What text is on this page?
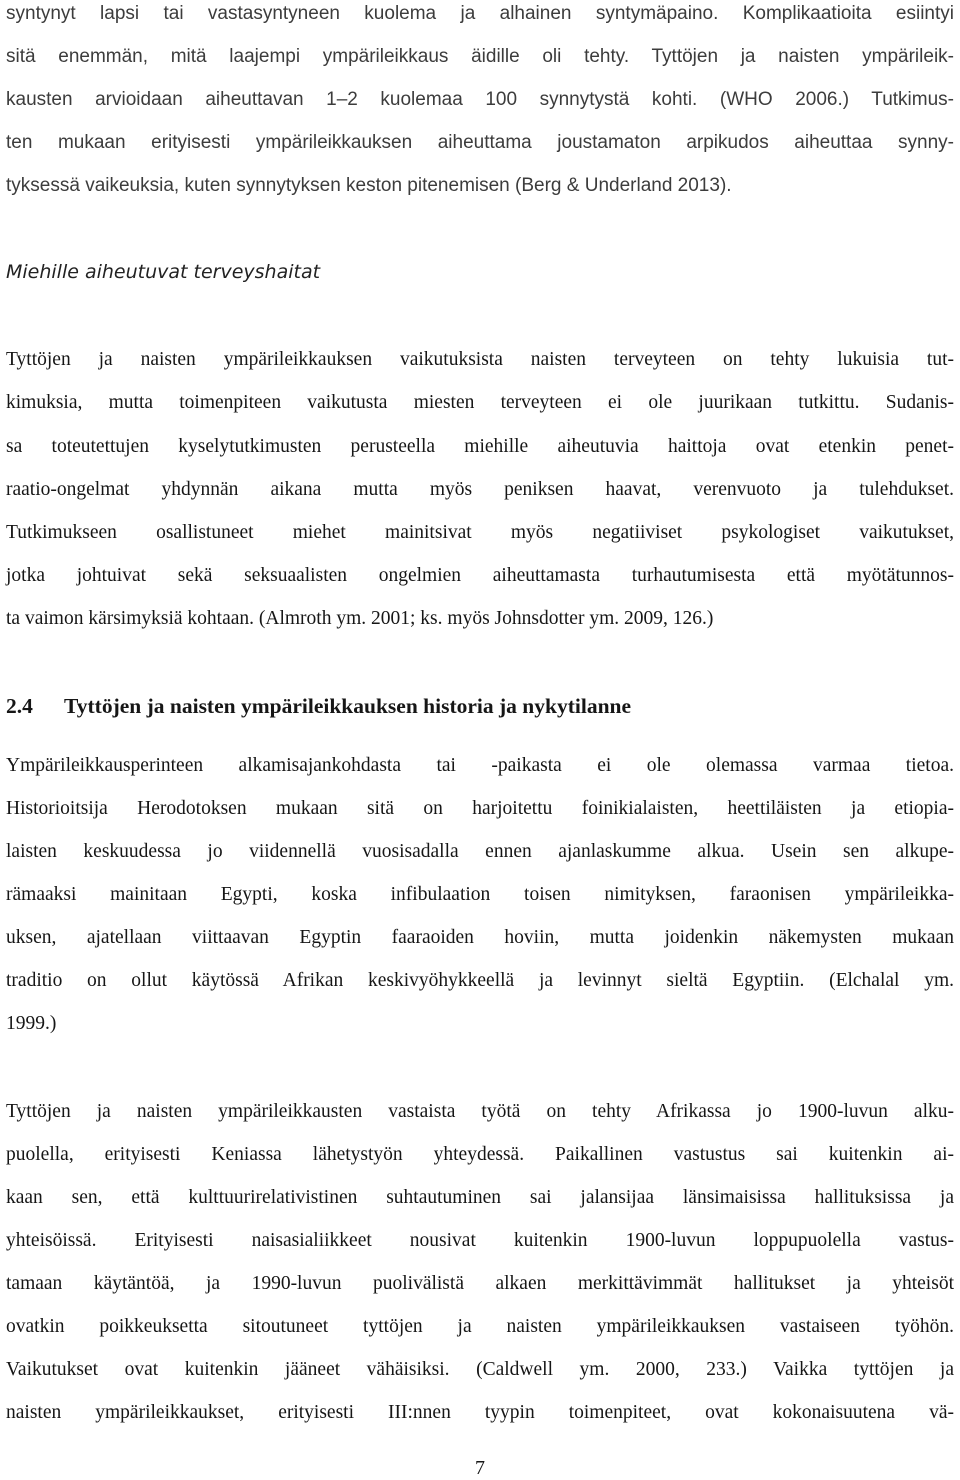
syntynyt lapsi tai vastasyntyneen kuolema ja alhainen syntymäpaino. Komplikaatioita esiintyi
sitä enemmän, mitä laajempi ympärileikkaus äidille oli tehty. Tyttöjen ja naisten ympärileik-
kausten arvioidaan aiheuttavan 1–2 kuolemaa 100 synnytystä kohti. (WHO 2006.) Tutkimus-
ten mukaan erityisesti ympärileikkauksen aiheuttama joustamaton arpikudos aiheuttaa synny-
tyksessä vaikeuksia, kuten synnytyksen keston pitenemisen (Berg & Underland 2013).
Miehille aiheutuvat terveyshaitat
Tyttöjen ja naisten ympärileikkauksen vaikutuksista naisten terveyteen on tehty lukuisia tut-
kimuksia, mutta toimenpiteen vaikutusta miesten terveyteen ei ole juurikaan tutkittu. Sudanis-
sa toteutettujen kyselytutkimusten perusteella miehille aiheutuvia haittoja ovat etenkin penet-
raatio-ongelmat yhdynnän aikana mutta myös peniksen haavat, verenvuoto ja tulehdukset.
Tutkimukseen osallistuneet miehet mainitsivat myös negatiiviset psykologiset vaikutukset,
jotka johtuivat sekä seksuaalisten ongelmien aiheuttamasta turhautumisesta että myötätunnos-
ta vaimon kärsimyksiä kohtaan. (Almroth ym. 2001; ks. myös Johnsdotter ym. 2009, 126.)
2.4 Tyttöjen ja naisten ympärileikkauksen historia ja nykytilanne
Ympärileikkausperinteen alkamisajankohdasta tai -paikasta ei ole olemassa varmaa tietoa.
Historioitsija Herodotoksen mukaan sitä on harjoitettu foinikialaisten, heettiläisten ja etiopia-
laisten keskuudessa jo viidennellä vuosisadalla ennen ajanlaskumme alkua. Usein sen alkupe-
rämaaksi mainitaan Egypti, koska infibulaation toisen nimityksen, faraonisen ympärileikka-
uksen, ajatellaan viittaavan Egyptin faaraoiden hoviin, mutta joidenkin näkemysten mukaan
traditio on ollut käytössä Afrikan keskivyöhykkeellä ja levinnyt sieltä Egyptiin. (Elchalal ym.
1999.)
Tyttöjen ja naisten ympärileikkausten vastaista työtä on tehty Afrikassa jo 1900-luvun alku-
puolella, erityisesti Keniassa lähetystyön yhteydessä. Paikallinen vastustus sai kuitenkin ai-
kaan sen, että kulttuurirelativistinen suhtautuminen sai jalansijaa länsimaisissa hallituksissa ja
yhteisöissä. Erityisesti naisasialiikkeet nousivat kuitenkin 1900-luvun loppupuolella vastus-
tamaan käytäntöä, ja 1990-luvun puolivälistä alkaen merkittävimmät hallitukset ja yhteisöt
ovatkin poikkeuksetta sitoutuneet tyttöjen ja naisten ympärileikkauksen vastaiseen työhön.
Vaikutukset ovat kuitenkin jääneet vähäisiksi. (Caldwell ym. 2000, 233.) Vaikka tyttöjen ja
naisten ympärileikkaukset, erityisesti III:nnen tyypin toimenpiteet, ovat kokonaisuutena vä-
7
